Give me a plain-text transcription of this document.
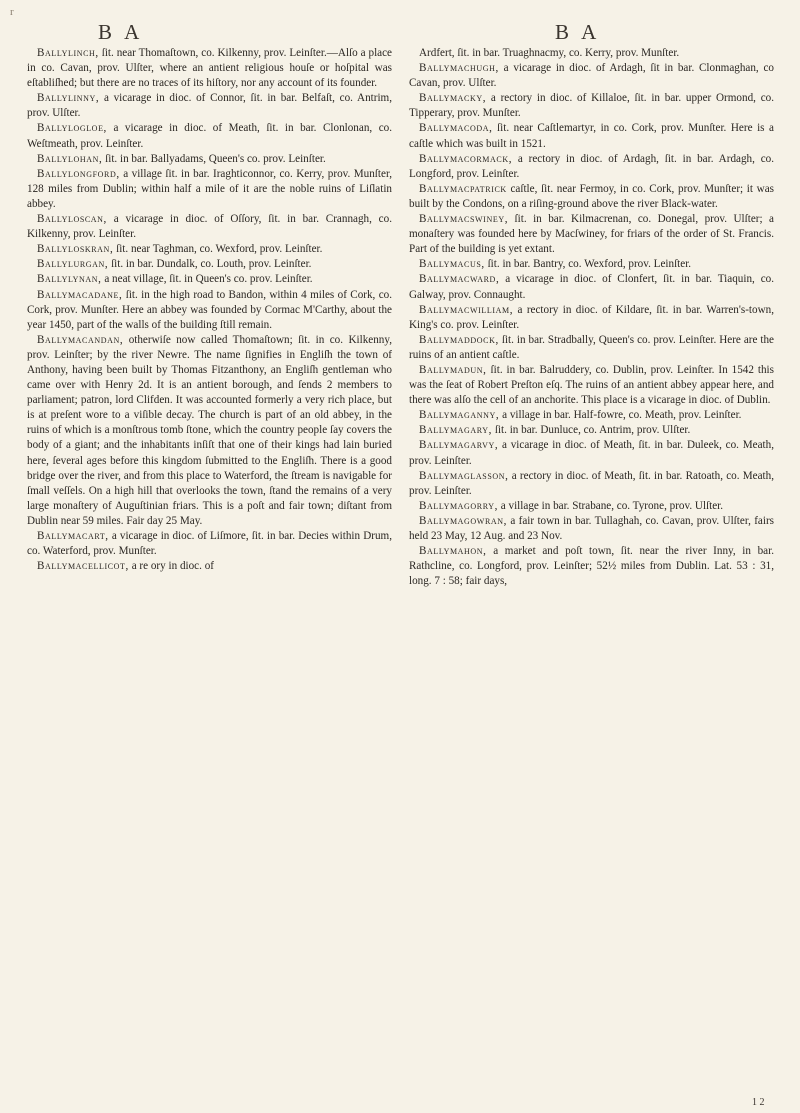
r
B A	B A

Ballylinch, ſit. near Thomaſtown, co. Kilkenny, prov. Leinſter.—Alſo a place in co. Cavan, prov. Ulſter, where an antient religious houſe or hoſpital was eſtabliſhed; but there are no traces of its hiſtory, nor any account of its founder.

Ballylinny, a vicarage in dioc. of Connor, ſit. in bar. Belfaſt, co. Antrim, prov. Ulſter.

Ballylogloe, a vicarage in dioc. of Meath, ſit. in bar. Clonlonan, co. Weſtmeath, prov. Leinſter.

Ballylohan, ſit. in bar. Ballyadams, Queen's co. prov. Leinſter.

Ballylongford, a village ſit. in bar. Iraghticonnor, co. Kerry, prov. Munſter, 128 miles from Dublin; within half a mile of it are the noble ruins of Liſlatin abbey.

Ballyloscan, a vicarage in dioc. of Oſſory, ſit. in bar. Crannagh, co. Kilkenny, prov. Leinſter.

Ballyloskran, ſit. near Taghman, co. Wexford, prov. Leinſter.

Ballylurgan, ſit. in bar. Dundalk, co. Louth, prov. Leinſter.

Ballylynan, a neat village, ſit. in Queen's co. prov. Leinſter.

Ballymacadane, ſit. in the high road to Bandon, within 4 miles of Cork, co. Cork, prov. Munſter. Here an abbey was founded by Cormac M'Carthy, about the year 1450, part of the walls of the building ſtill remain.

Ballymacandan, otherwiſe now called Thomaſtown; ſit. in co. Kilkenny, prov. Leinſter; by the river Newre. The name ſignifies in Engliſh the town of Anthony, having been built by Thomas Fitzanthony, an Engliſh gentleman who came over with Henry 2d. It is an antient borough, and ſends 2 members to parliament; patron, lord Clifden. It was accounted formerly a very rich place, but is at preſent wore to a viſible decay. The church is part of an old abbey, in the ruins of which is a monſtrous tomb ſtone, which the country people ſay covers the body of a giant; and the inhabitants inſiſt that one of their kings had lain buried here, ſeveral ages before this kingdom ſubmitted to the Engliſh. There is a good bridge over the river, and from this place to Waterford, the ſtream is navigable for ſmall veſſels. On a high hill that overlooks the town, ſtand the remains of a very large monaſtery of Auguſtinian friars. This is a poſt and fair town; diſtant from Dublin near 59 miles. Fair day 25 May.

Ballymacart, a vicarage in dioc. of Liſmore, ſit. in bar. Decies within Drum, co. Waterford, prov. Munſter.

Ballymacellicot, a re ory in dioc. of

Ardfert, ſit. in bar. Truaghnacmy, co. Kerry, prov. Munſter.

Ballymachugh, a vicarage in dioc. of Ardagh, ſit in bar. Clonmaghan, co Cavan, prov. Ulſter.

Ballymacky, a rectory in dioc. of Killaloe, ſit. in bar. upper Ormond, co. Tipperary, prov. Munſter.

Ballymacoda, ſit. near Caſtlemartyr, in co. Cork, prov. Munſter. Here is a caſtle which was built in 1521.

Ballymacormack, a rectory in dioc. of Ardagh, ſit. in bar. Ardagh, co. Longford, prov. Leinſter.

Ballymacpatrick caſtle, ſit. near Fermoy, in co. Cork, prov. Munſter; it was built by the Condons, on a riſing-ground above the river Black-water.

Ballymacswiney, ſit. in bar. Kilmacrenan, co. Donegal, prov. Ulſter; a monaſtery was founded here by Macſwiney, for friars of the order of St. Francis. Part of the building is yet extant.

Ballymacus, ſit. in bar. Bantry, co. Wexford, prov. Leinſter.

Ballymacward, a vicarage in dioc. of Clonfert, ſit. in bar. Tiaquin, co. Galway, prov. Connaught.

Ballymacwilliam, a rectory in dioc. of Kildare, ſit. in bar. Warren's-town, King's co. prov. Leinſter.

Ballymaddock, ſit. in bar. Stradbally, Queen's co. prov. Leinſter. Here are the ruins of an antient caſtle.

Ballymadun, ſit. in bar. Balruddery, co. Dublin, prov. Leinſter. In 1542 this was the ſeat of Robert Preſton eſq. The ruins of an antient abbey appear here, and there was alſo the cell of an anchorite. This place is a vicarage in dioc. of Dublin.

Ballymaganny, a village in bar. Half-fowre, co. Meath, prov. Leinſter.

Ballymagary, ſit. in bar. Dunluce, co. Antrim, prov. Ulſter.

Ballymagarvy, a vicarage in dioc. of Meath, ſit. in bar. Duleek, co. Meath, prov. Leinſter.

Ballymaglasson, a rectory in dioc. of Meath, ſit. in bar. Ratoath, co. Meath, prov. Leinſter.

Ballymagorry, a village in bar. Strabane, co. Tyrone, prov. Ulſter.

Ballymagowran, a fair town in bar. Tullaghah, co. Cavan, prov. Ulſter, fairs held 23 May, 12 Aug. and 23 Nov.

Ballymahon, a market and poſt town, ſit. near the river Inny, in bar. Rathcline, co. Longford, prov. Leinſter; 52½ miles from Dublin. Lat. 53 : 31, long. 7 : 58; fair days,

1 2
